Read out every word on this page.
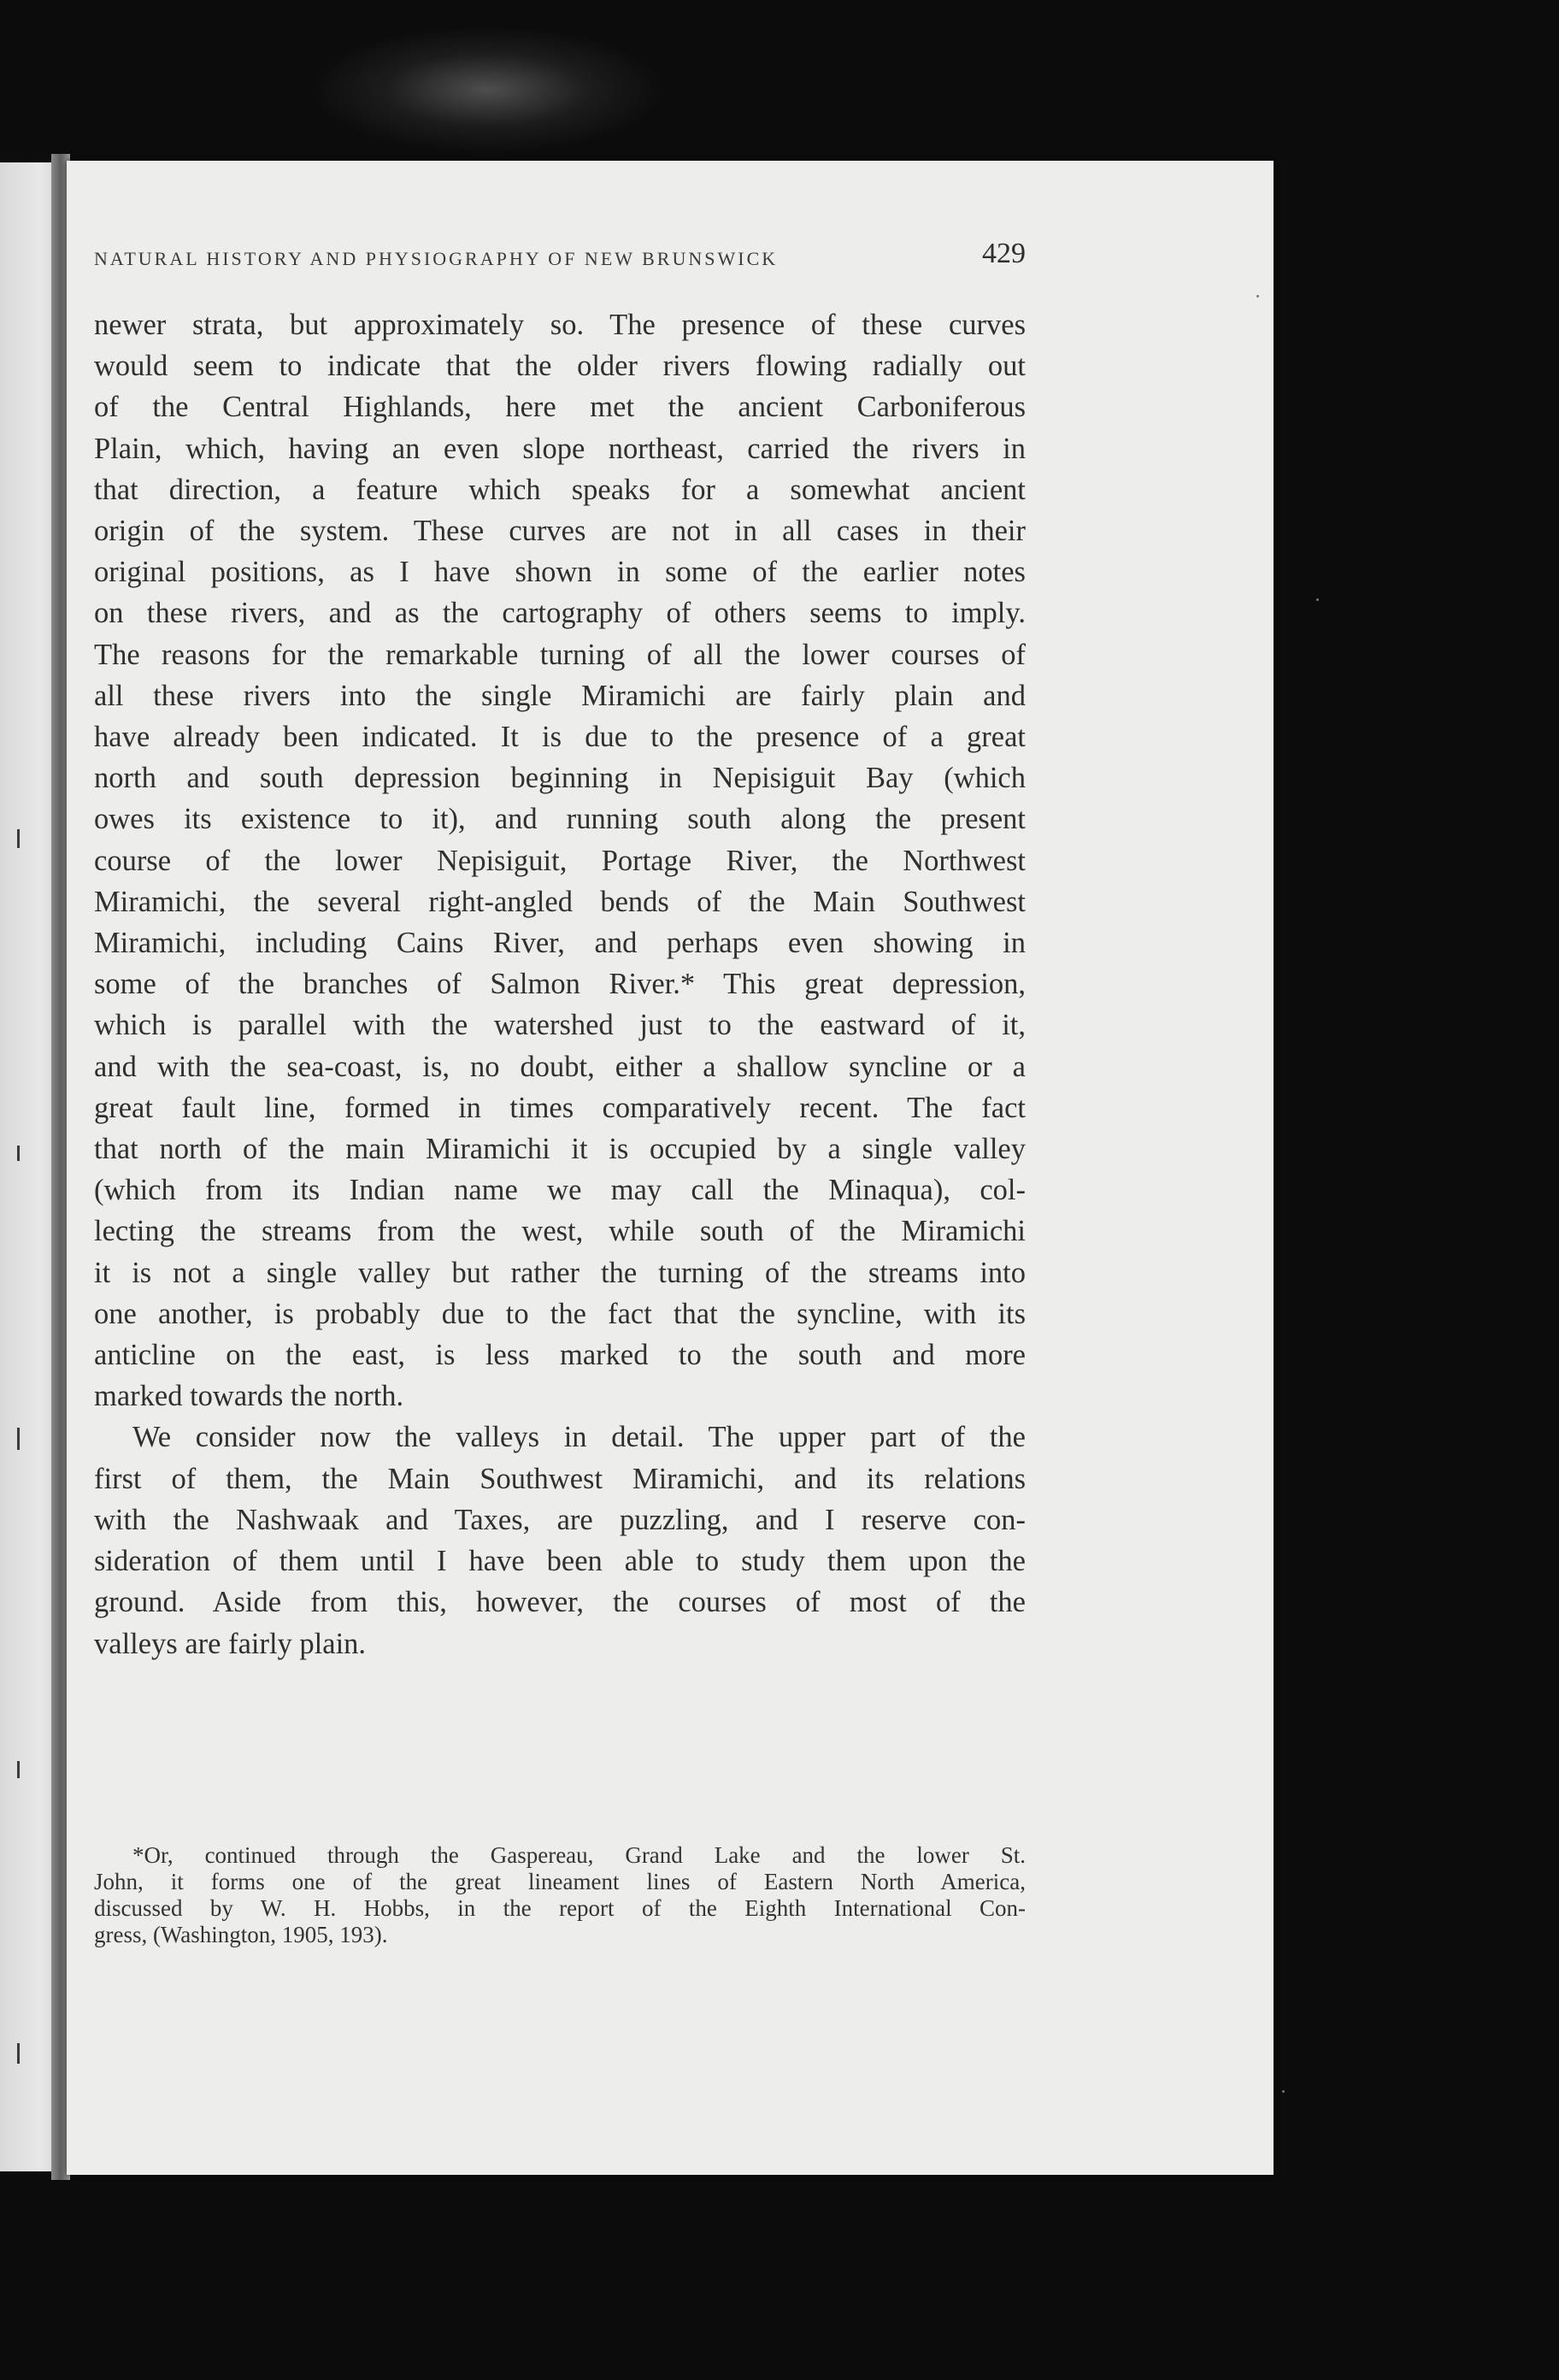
NATURAL HISTORY AND PHYSIOGRAPHY OF NEW BRUNSWICK	429
newer strata, but approximately so. The presence of these curves
would seem to indicate that the older rivers flowing radially out
of the Central Highlands, here met the ancient Carboniferous
Plain, which, having an even slope northeast, carried the rivers in
that direction, a feature which speaks for a somewhat ancient
origin of the system. These curves are not in all cases in their
original positions, as I have shown in some of the earlier notes
on these rivers, and as the cartography of others seems to imply.
The reasons for the remarkable turning of all the lower courses of
all these rivers into the single Miramichi are fairly plain and
have already been indicated. It is due to the presence of a great
north and south depression beginning in Nepisiguit Bay (which
owes its existence to it), and running south along the present
course of the lower Nepisiguit, Portage River, the Northwest
Miramichi, the several right-angled bends of the Main Southwest
Miramichi, including Cains River, and perhaps even showing in
some of the branches of Salmon River.* This great depression,
which is parallel with the watershed just to the eastward of it,
and with the sea-coast, is, no doubt, either a shallow syncline or a
great fault line, formed in times comparatively recent. The fact
that north of the main Miramichi it is occupied by a single valley
(which from its Indian name we may call the Minaqua), col-
lecting the streams from the west, while south of the Miramichi
it is not a single valley but rather the turning of the streams into
one another, is probably due to the fact that the syncline, with its
anticline on the east, is less marked to the south and more
marked towards the north.
We consider now the valleys in detail. The upper part of the
first of them, the Main Southwest Miramichi, and its relations
with the Nashwaak and Taxes, are puzzling, and I reserve con-
sideration of them until I have been able to study them upon the
ground. Aside from this, however, the courses of most of the
valleys are fairly plain.
*Or, continued through the Gaspereau, Grand Lake and the lower St.
John, it forms one of the great lineament lines of Eastern North America,
discussed by W. H. Hobbs, in the report of the Eighth International Con-
gress, (Washington, 1905, 193).
